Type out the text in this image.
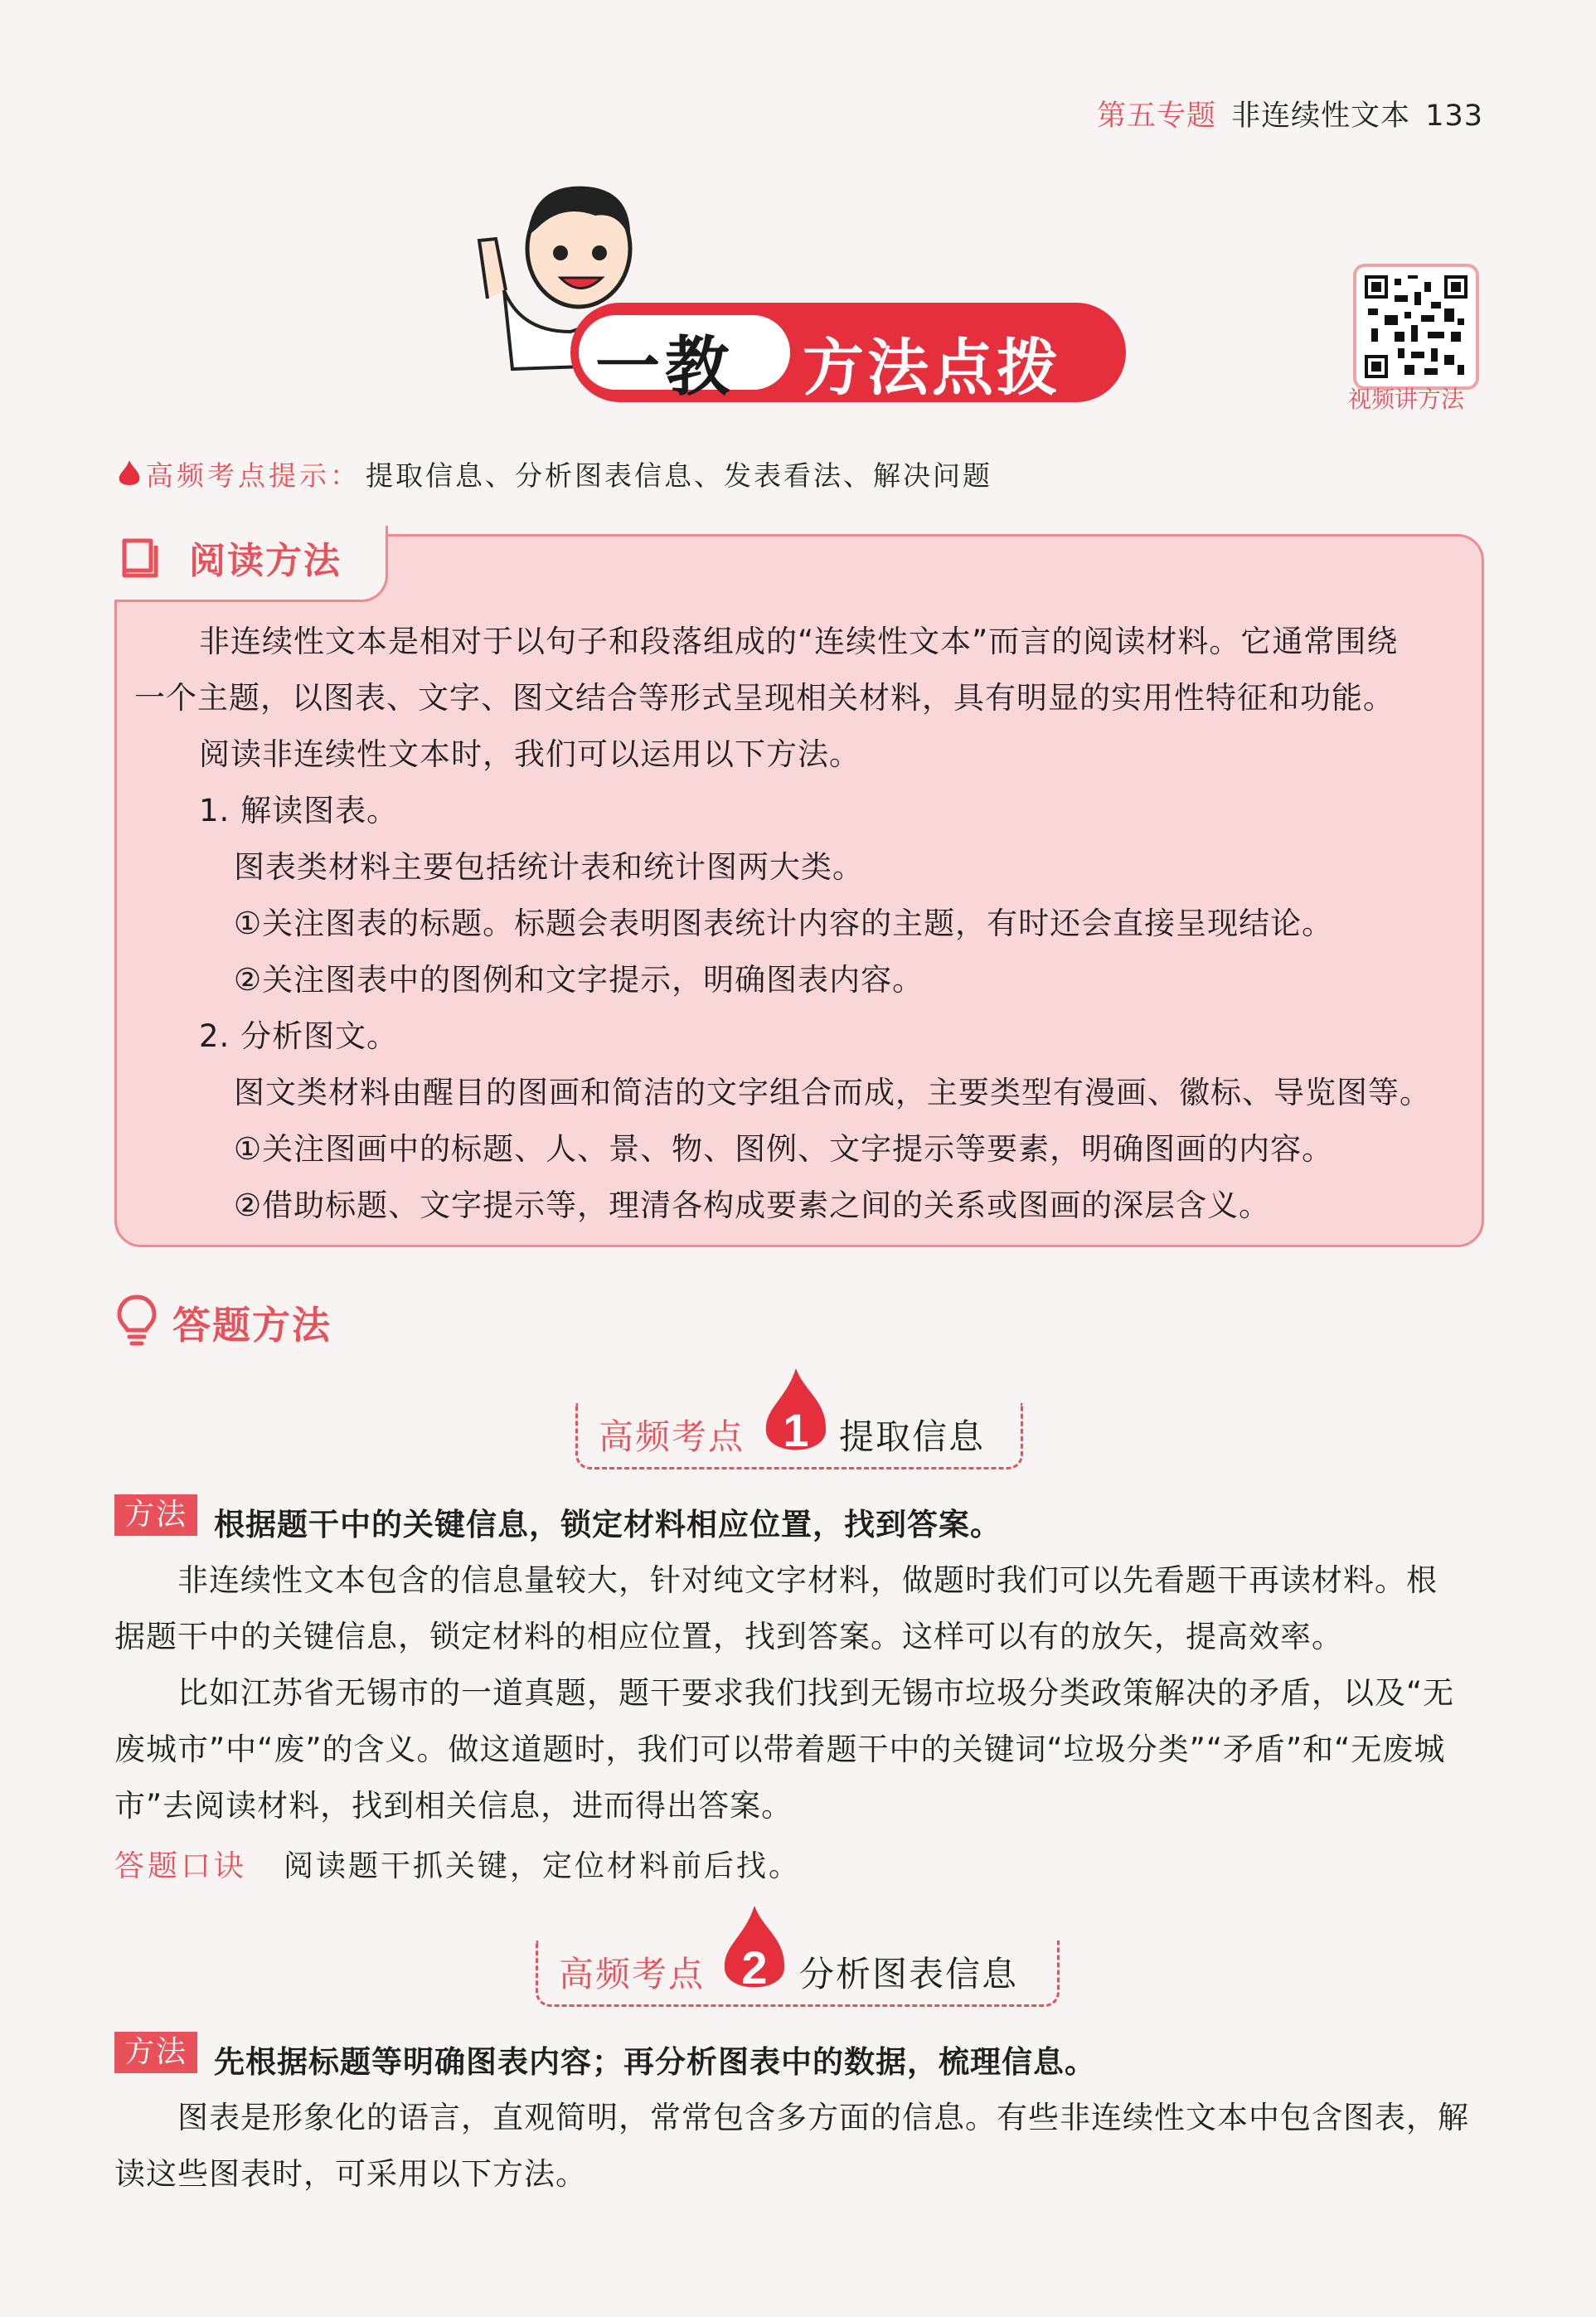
第五专题 非连续性文本 133
一教 方法点拨	视频讲方法
高频考点提示： 提取信息、分析图表信息、发表看法、解决问题
阅读方法
非连续性文本是相对于以句子和段落组成的“连续性文本”而言的阅读材料。它通常围绕
一个主题，以图表、文字、图文结合等形式呈现相关材料，具有明显的实用性特征和功能。
阅读非连续性文本时，我们可以运用以下方法。
1. 解读图表。
图表类材料主要包括统计表和统计图两大类。
①关注图表的标题。标题会表明图表统计内容的主题，有时还会直接呈现结论。
②关注图表中的图例和文字提示，明确图表内容。
2. 分析图文。
图文类材料由醒目的图画和简洁的文字组合而成，主要类型有漫画、徽标、导览图等。
①关注图画中的标题、人、景、物、图例、文字提示等要素，明确图画的内容。
②借助标题、文字提示等，理清各构成要素之间的关系或图画的深层含义。
答题方法
高频考点 1 提取信息
方法 根据题干中的关键信息，锁定材料相应位置，找到答案。
非连续性文本包含的信息量较大，针对纯文字材料，做题时我们可以先看题干再读材料。根
据题干中的关键信息，锁定材料的相应位置，找到答案。这样可以有的放矢，提高效率。
比如江苏省无锡市的一道真题，题干要求我们找到无锡市垃圾分类政策解决的矛盾，以及“无
废城市”中“废”的含义。做这道题时，我们可以带着题干中的关键词“垃圾分类”“矛盾”和“无废城
市”去阅读材料，找到相关信息，进而得出答案。
答题口诀 阅读题干抓关键，定位材料前后找。
高频考点 2 分析图表信息
方法 先根据标题等明确图表内容；再分析图表中的数据，梳理信息。
图表是形象化的语言，直观简明，常常包含多方面的信息。有些非连续性文本中包含图表，解
读这些图表时，可采用以下方法。
